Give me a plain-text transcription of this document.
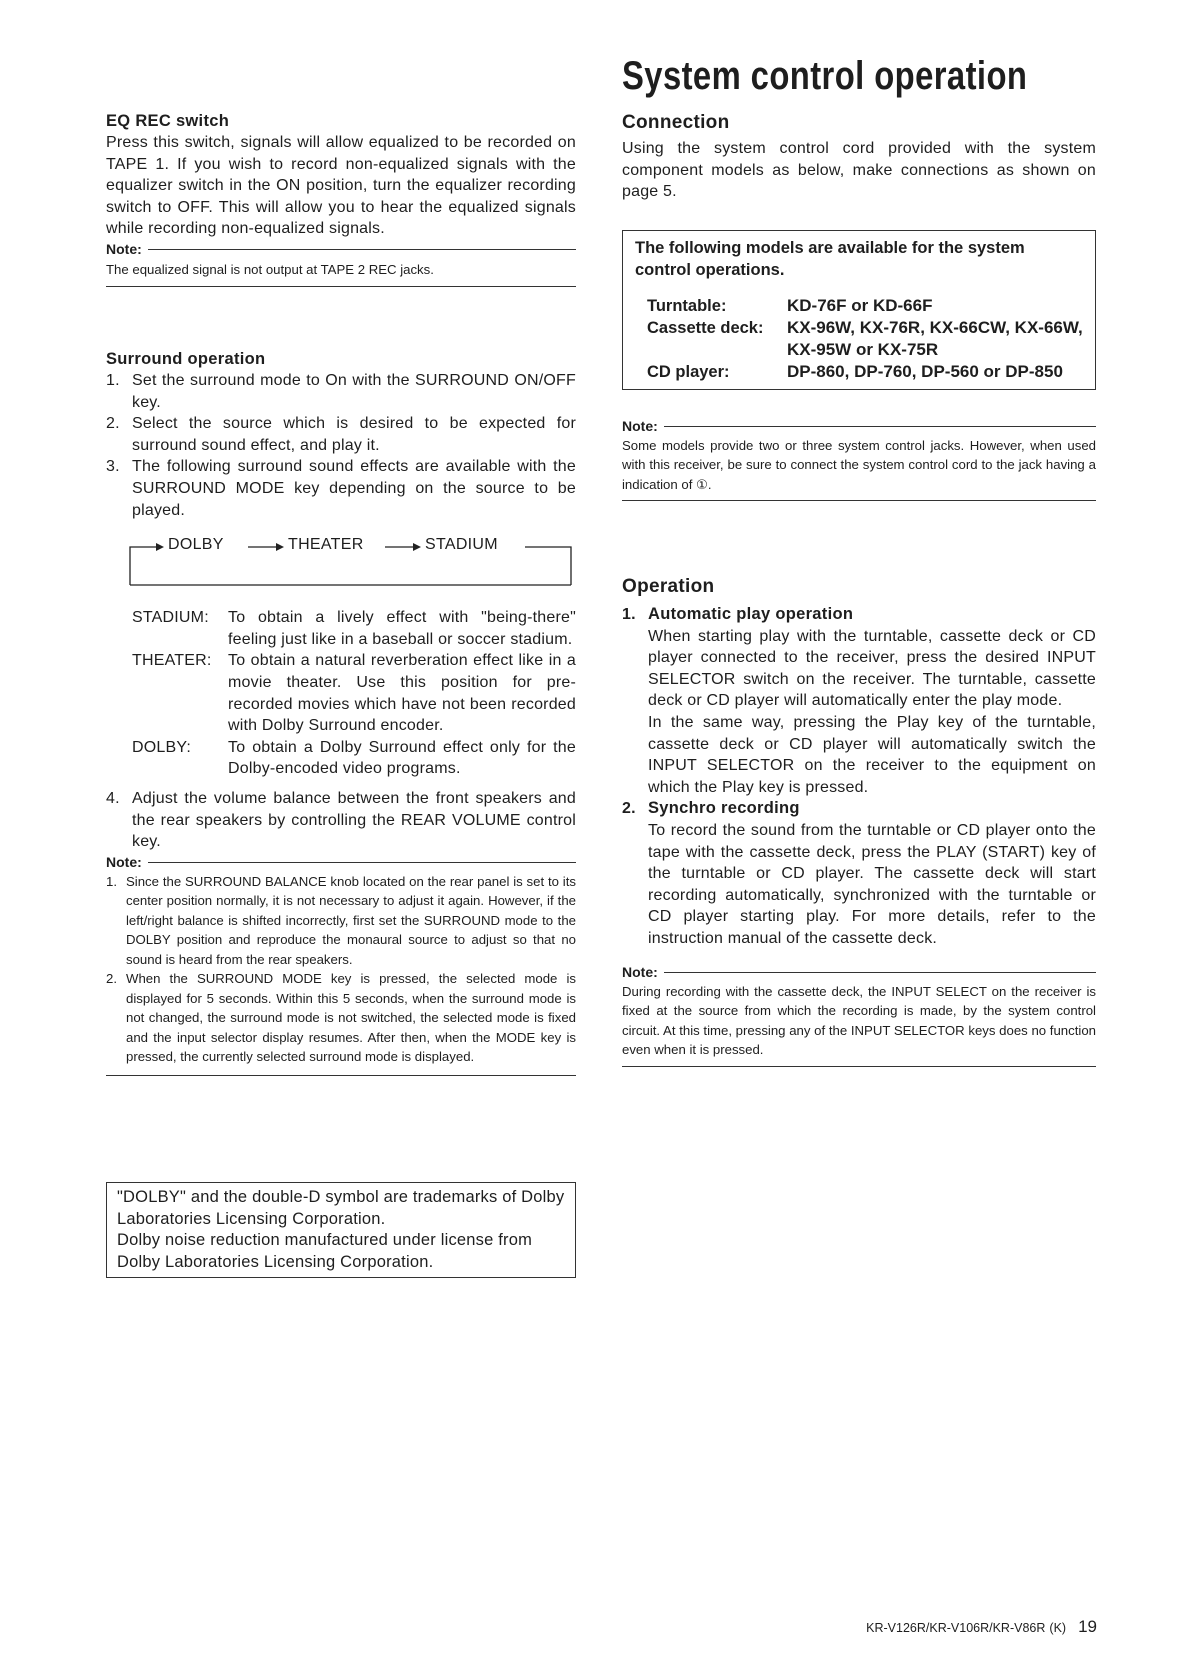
EQ REC switch

Press this switch, signals will allow equalized to be recorded on TAPE 1. If you wish to record non-equalized signals with the equalizer switch in the ON position, turn the equalizer recording switch to OFF. This will allow you to hear the equalized signals while recording non-equalized signals.

Note:

The equalized signal is not output at TAPE 2 REC jacks.

Surround operation
1. Set the surround mode to On with the SURROUND ON/OFF key.
2. Select the source which is desired to be expected for surround sound effect, and play it.
3. The following surround sound effects are available with the SURROUND MODE key depending on the source to be played.
DOLBY	THEATER	STADIUM
STADIUM:	To obtain a lively effect with "being-there" feeling just like in a baseball or soccer stadium.
THEATER:	To obtain a natural reverberation effect like in a movie theater. Use this position for pre-recorded movies which have not been recorded with Dolby Surround encoder.
DOLBY:	To obtain a Dolby Surround effect only for the Dolby-encoded video programs.
4. Adjust the volume balance between the front speakers and the rear speakers by controlling the REAR VOLUME control key.
Note:
1. Since the SURROUND BALANCE knob located on the rear panel is set to its center position normally, it is not necessary to adjust it again. However, if the left/right balance is shifted incorrectly, first set the SURROUND mode to the DOLBY position and reproduce the monaural source to adjust so that no sound is heard from the rear speakers.
2. When the SURROUND MODE key is pressed, the selected mode is displayed for 5 seconds. Within this 5 seconds, when the surround mode is not changed, the surround mode is not switched, the selected mode is fixed and the input selector display resumes. After then, when the MODE key is pressed, the currently selected surround mode is displayed.

"DOLBY" and the double-D symbol are trademarks of Dolby Laboratories Licensing Corporation.

Dolby noise reduction manufactured under license from Dolby Laboratories Licensing Corporation.

System control operation
Connection

Using the system control cord provided with the system component models as below, make connections as shown on page 5.

The following models are available for the system control operations.
Turntable:	KD-76F or KD-66F
Cassette deck:	KX-96W, KX-76R, KX-66CW, KX-66W, KX-95W or KX-75R
CD player:	DP-860, DP-760, DP-560 or DP-850
Note:

Some models provide two or three system control jacks. However, when used with this receiver, be sure to connect the system control cord to the jack having a indication of ①.

Operation
1. Automatic play operation

When starting play with the turntable, cassette deck or CD player connected to the receiver, press the desired INPUT SELECTOR switch on the receiver. The turntable, cassette deck or CD player will automatically enter the play mode.

In the same way, pressing the Play key of the turntable, cassette deck or CD player will automatically switch the INPUT SELECTOR on the receiver to the equipment on which the Play key is pressed.

2. Synchro recording

To record the sound from the turntable or CD player onto the tape with the cassette deck, press the PLAY (START) key of the turntable or CD player. The cassette deck will start recording automatically, synchronized with the turntable or CD player starting play. For more details, refer to the instruction manual of the cassette deck.

Note:

During recording with the cassette deck, the INPUT SELECT on the receiver is fixed at the source from which the recording is made, by the system control circuit. At this time, pressing any of the INPUT SELECTOR keys does no function even when it is pressed.

KR-V126R/KR-V106R/KR-V86R (K) 19
